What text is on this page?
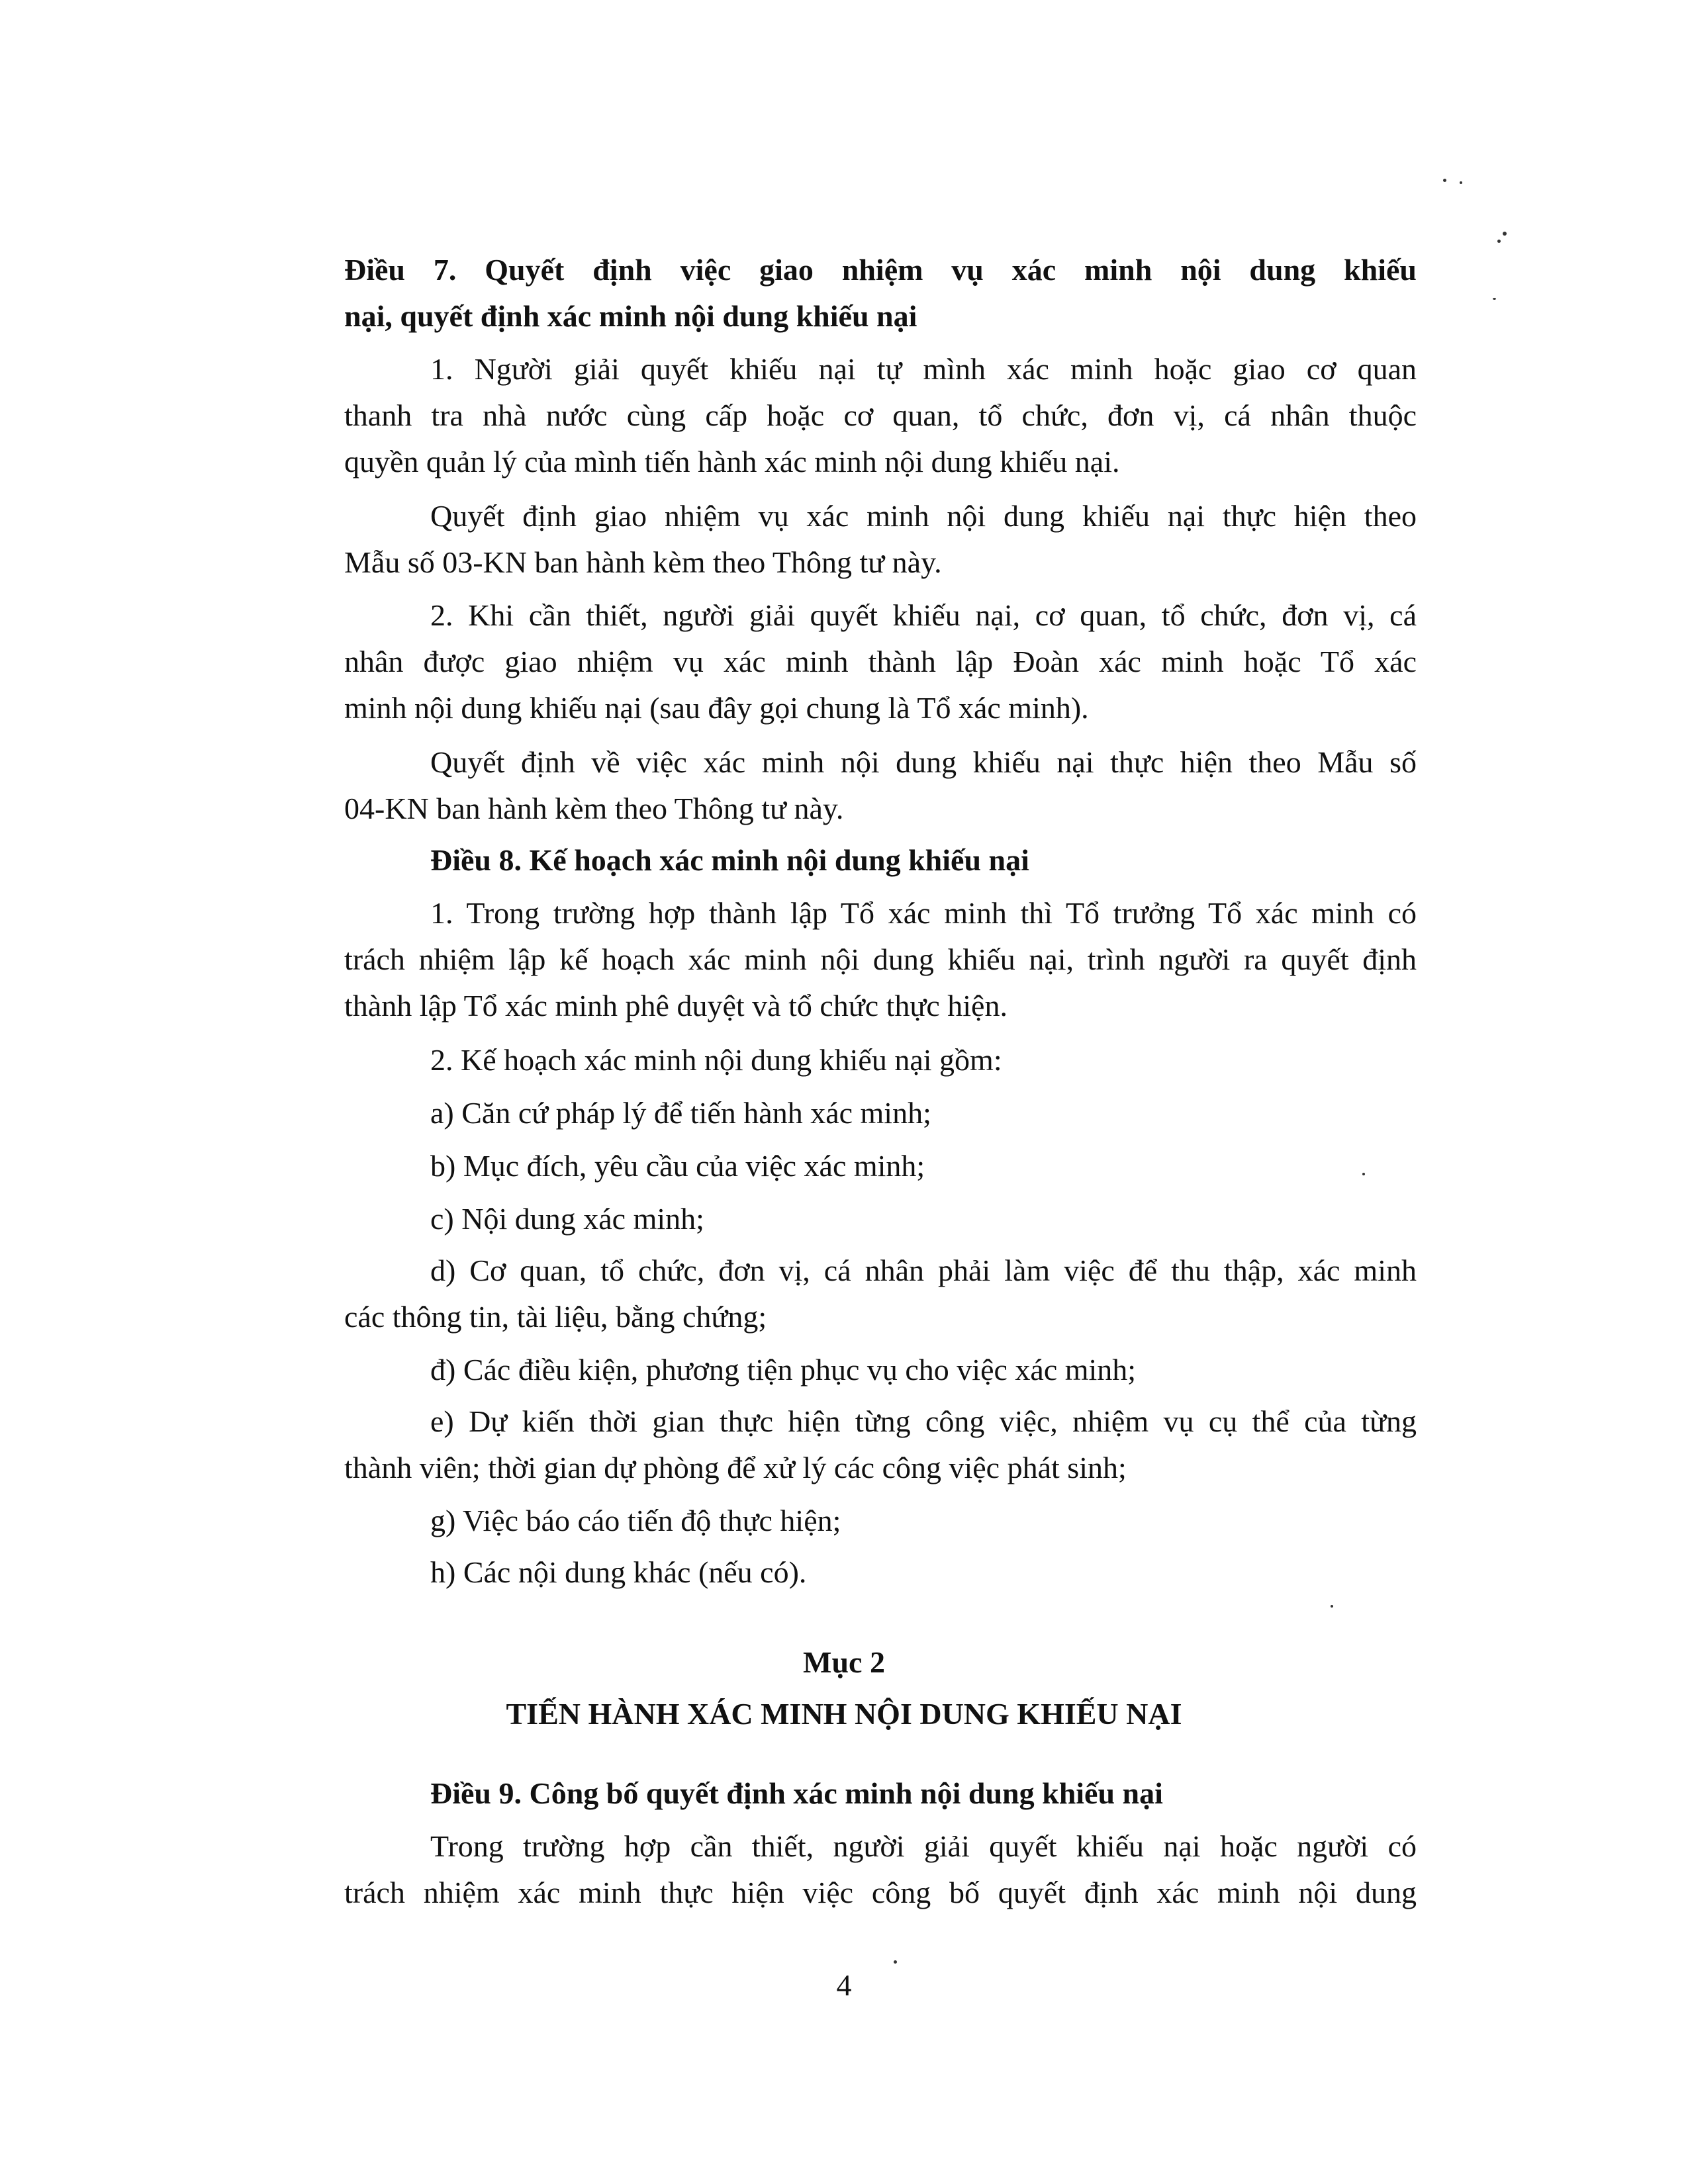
Điều 7. Quyết định việc giao nhiệm vụ xác minh nội dung khiếu
nại, quyết định xác minh nội dung khiếu nại
1. Người giải quyết khiếu nại tự mình xác minh hoặc giao cơ quan
thanh tra nhà nước cùng cấp hoặc cơ quan, tổ chức, đơn vị, cá nhân thuộc
quyền quản lý của mình tiến hành xác minh nội dung khiếu nại.
Quyết định giao nhiệm vụ xác minh nội dung khiếu nại thực hiện theo
Mẫu số 03-KN ban hành kèm theo Thông tư này.
2. Khi cần thiết, người giải quyết khiếu nại, cơ quan, tổ chức, đơn vị, cá
nhân được giao nhiệm vụ xác minh thành lập Đoàn xác minh hoặc Tổ xác
minh nội dung khiếu nại (sau đây gọi chung là Tổ xác minh).
Quyết định về việc xác minh nội dung khiếu nại thực hiện theo Mẫu số
04-KN ban hành kèm theo Thông tư này.
Điều 8. Kế hoạch xác minh nội dung khiếu nại
1. Trong trường hợp thành lập Tổ xác minh thì Tổ trưởng Tổ xác minh có
trách nhiệm lập kế hoạch xác minh nội dung khiếu nại, trình người ra quyết định
thành lập Tổ xác minh phê duyệt và tổ chức thực hiện.
2. Kế hoạch xác minh nội dung khiếu nại gồm:
a) Căn cứ pháp lý để tiến hành xác minh;
b) Mục đích, yêu cầu của việc xác minh;
c) Nội dung xác minh;
d) Cơ quan, tổ chức, đơn vị, cá nhân phải làm việc để thu thập, xác minh
các thông tin, tài liệu, bằng chứng;
đ) Các điều kiện, phương tiện phục vụ cho việc xác minh;
e) Dự kiến thời gian thực hiện từng công việc, nhiệm vụ cụ thể của từng
thành viên; thời gian dự phòng để xử lý các công việc phát sinh;
g) Việc báo cáo tiến độ thực hiện;
h) Các nội dung khác (nếu có).
Mục 2
TIẾN HÀNH XÁC MINH NỘI DUNG KHIẾU NẠI
Điều 9. Công bố quyết định xác minh nội dung khiếu nại
Trong trường hợp cần thiết, người giải quyết khiếu nại hoặc người có
trách nhiệm xác minh thực hiện việc công bố quyết định xác minh nội dung
4
